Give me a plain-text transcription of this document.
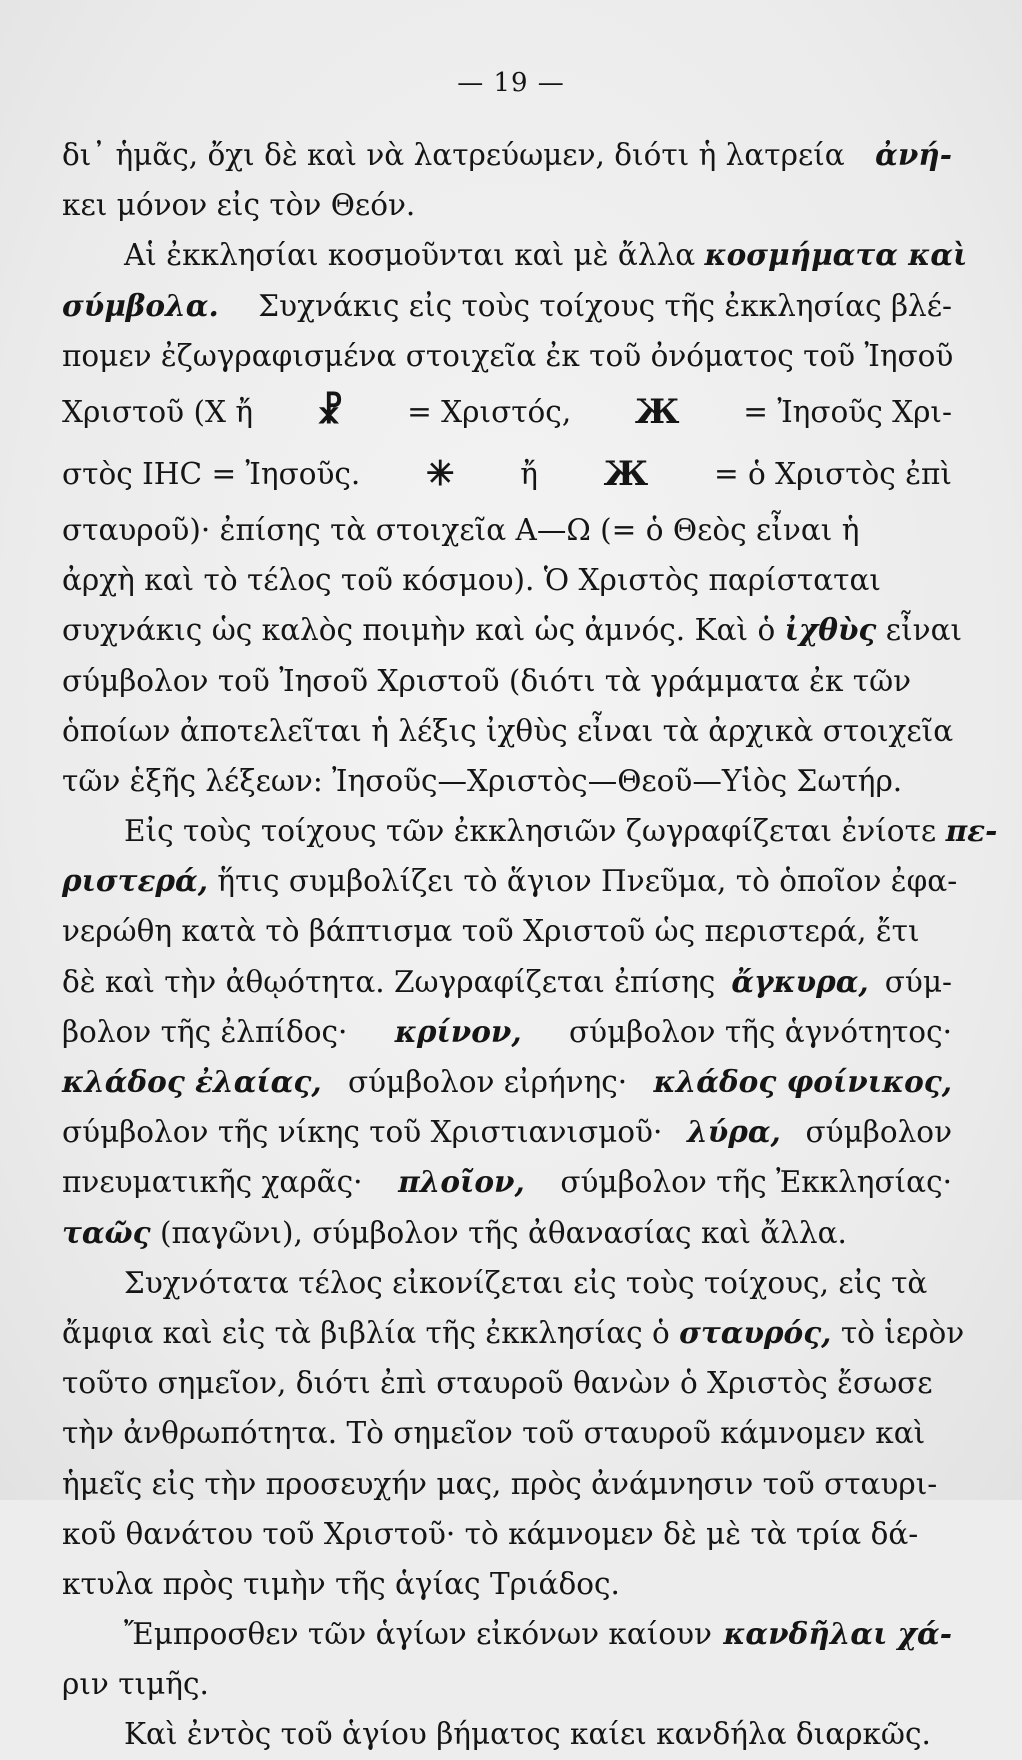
— 19 —
δι᾿ ἡμᾶς, ὄχι δὲ καὶ νὰ λατρεύωμεν, διότι ἡ λατρεία ἀνή-
κει μόνον εἰς τὸν Θεόν.
Αἱ ἐκκλησίαι κοσμοῦνται καὶ μὲ ἄλλα κοσμήματα καὶ
σύμβολα. Συχνάκις εἰς τοὺς τοίχους τῆς ἐκκλησίας βλέ-
πομεν ἐζωγραφισμένα στοιχεῖα ἐκ τοῦ ὀνόματος τοῦ Ἰησοῦ
Χριστοῦ (Χ ἤ ☧ = Χριστός, Ж = Ἰησοῦς Χρι-
στὸς ΙΗC = Ἰησοῦς. ✳ ἤ Ж = ὁ Χριστὸς ἐπὶ
σταυροῦ)· ἐπίσης τὰ στοιχεῖα Α—Ω (= ὁ Θεὸς εἶναι ἡ
ἀρχὴ καὶ τὸ τέλος τοῦ κόσμου). Ὁ Χριστὸς παρίσταται
συχνάκις ὡς καλὸς ποιμὴν καὶ ὡς ἀμνός. Καὶ ὁ ἰχθὺς εἶναι
σύμβολον τοῦ Ἰησοῦ Χριστοῦ (διότι τὰ γράμματα ἐκ τῶν
ὁποίων ἀποτελεῖται ἡ λέξις ἰχθὺς εἶναι τὰ ἀρχικὰ στοιχεῖα
τῶν ἑξῆς λέξεων: Ἰησοῦς—Χριστὸς—Θεοῦ—Υἱὸς Σωτήρ.
Εἰς τοὺς τοίχους τῶν ἐκκλησιῶν ζωγραφίζεται ἐνίοτε πε-
ριστερά, ἥτις συμβολίζει τὸ ἅγιον Πνεῦμα, τὸ ὁποῖον ἐφα-
νερώθη κατὰ τὸ βάπτισμα τοῦ Χριστοῦ ὡς περιστερά, ἔτι
δὲ καὶ τὴν ἀθῳότητα. Ζωγραφίζεται ἐπίσης ἄγκυρα, σύμ-
βολον τῆς ἐλπίδος· κρίνον, σύμβολον τῆς ἁγνότητος·
κλάδος ἐλαίας, σύμβολον εἰρήνης· κλάδος φοίνικος,
σύμβολον τῆς νίκης τοῦ Χριστιανισμοῦ· λύρα, σύμβολον
πνευματικῆς χαρᾶς· πλοῖον, σύμβολον τῆς Ἐκκλησίας·
ταῶς (παγῶνι), σύμβολον τῆς ἀθανασίας καὶ ἄλλα.
Συχνότατα τέλος εἰκονίζεται εἰς τοὺς τοίχους, εἰς τὰ
ἄμφια καὶ εἰς τὰ βιβλία τῆς ἐκκλησίας ὁ σταυρός, τὸ ἱερὸν
τοῦτο σημεῖον, διότι ἐπὶ σταυροῦ θανὼν ὁ Χριστὸς ἔσωσε
τὴν ἀνθρωπότητα. Τὸ σημεῖον τοῦ σταυροῦ κάμνομεν καὶ
ἡμεῖς εἰς τὴν προσευχήν μας, πρὸς ἀνάμνησιν τοῦ σταυρι-
κοῦ θανάτου τοῦ Χριστοῦ· τὸ κάμνομεν δὲ μὲ τὰ τρία δά-
κτυλα πρὸς τιμὴν τῆς ἁγίας Τριάδος.
Ἔμπροσθεν τῶν ἁγίων εἰκόνων καίουν κανδῆλαι χά-
ριν τιμῆς.
Καὶ ἐντὸς τοῦ ἁγίου βήματος καίει κανδήλα διαρκῶς.
